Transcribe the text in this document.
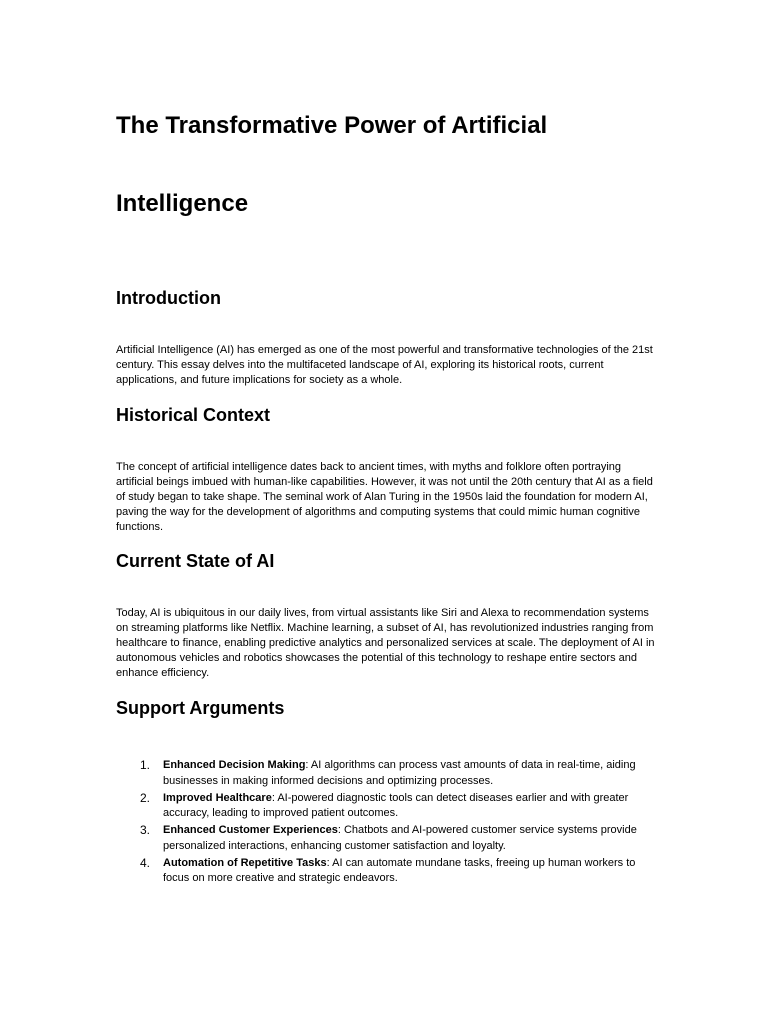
The Transformative Power of Artificial
Intelligence
Introduction
Artificial Intelligence (AI) has emerged as one of the most powerful and transformative technologies of the 21st century. This essay delves into the multifaceted landscape of AI, exploring its historical roots, current applications, and future implications for society as a whole.
Historical Context
The concept of artificial intelligence dates back to ancient times, with myths and folklore often portraying artificial beings imbued with human-like capabilities. However, it was not until the 20th century that AI as a field of study began to take shape. The seminal work of Alan Turing in the 1950s laid the foundation for modern AI, paving the way for the development of algorithms and computing systems that could mimic human cognitive functions.
Current State of AI
Today, AI is ubiquitous in our daily lives, from virtual assistants like Siri and Alexa to recommendation systems on streaming platforms like Netflix. Machine learning, a subset of AI, has revolutionized industries ranging from healthcare to finance, enabling predictive analytics and personalized services at scale. The deployment of AI in autonomous vehicles and robotics showcases the potential of this technology to reshape entire sectors and enhance efficiency.
Support Arguments
1. Enhanced Decision Making: AI algorithms can process vast amounts of data in real-time, aiding businesses in making informed decisions and optimizing processes.
2. Improved Healthcare: AI-powered diagnostic tools can detect diseases earlier and with greater accuracy, leading to improved patient outcomes.
3. Enhanced Customer Experiences: Chatbots and AI-powered customer service systems provide personalized interactions, enhancing customer satisfaction and loyalty.
4. Automation of Repetitive Tasks: AI can automate mundane tasks, freeing up human workers to focus on more creative and strategic endeavors.
